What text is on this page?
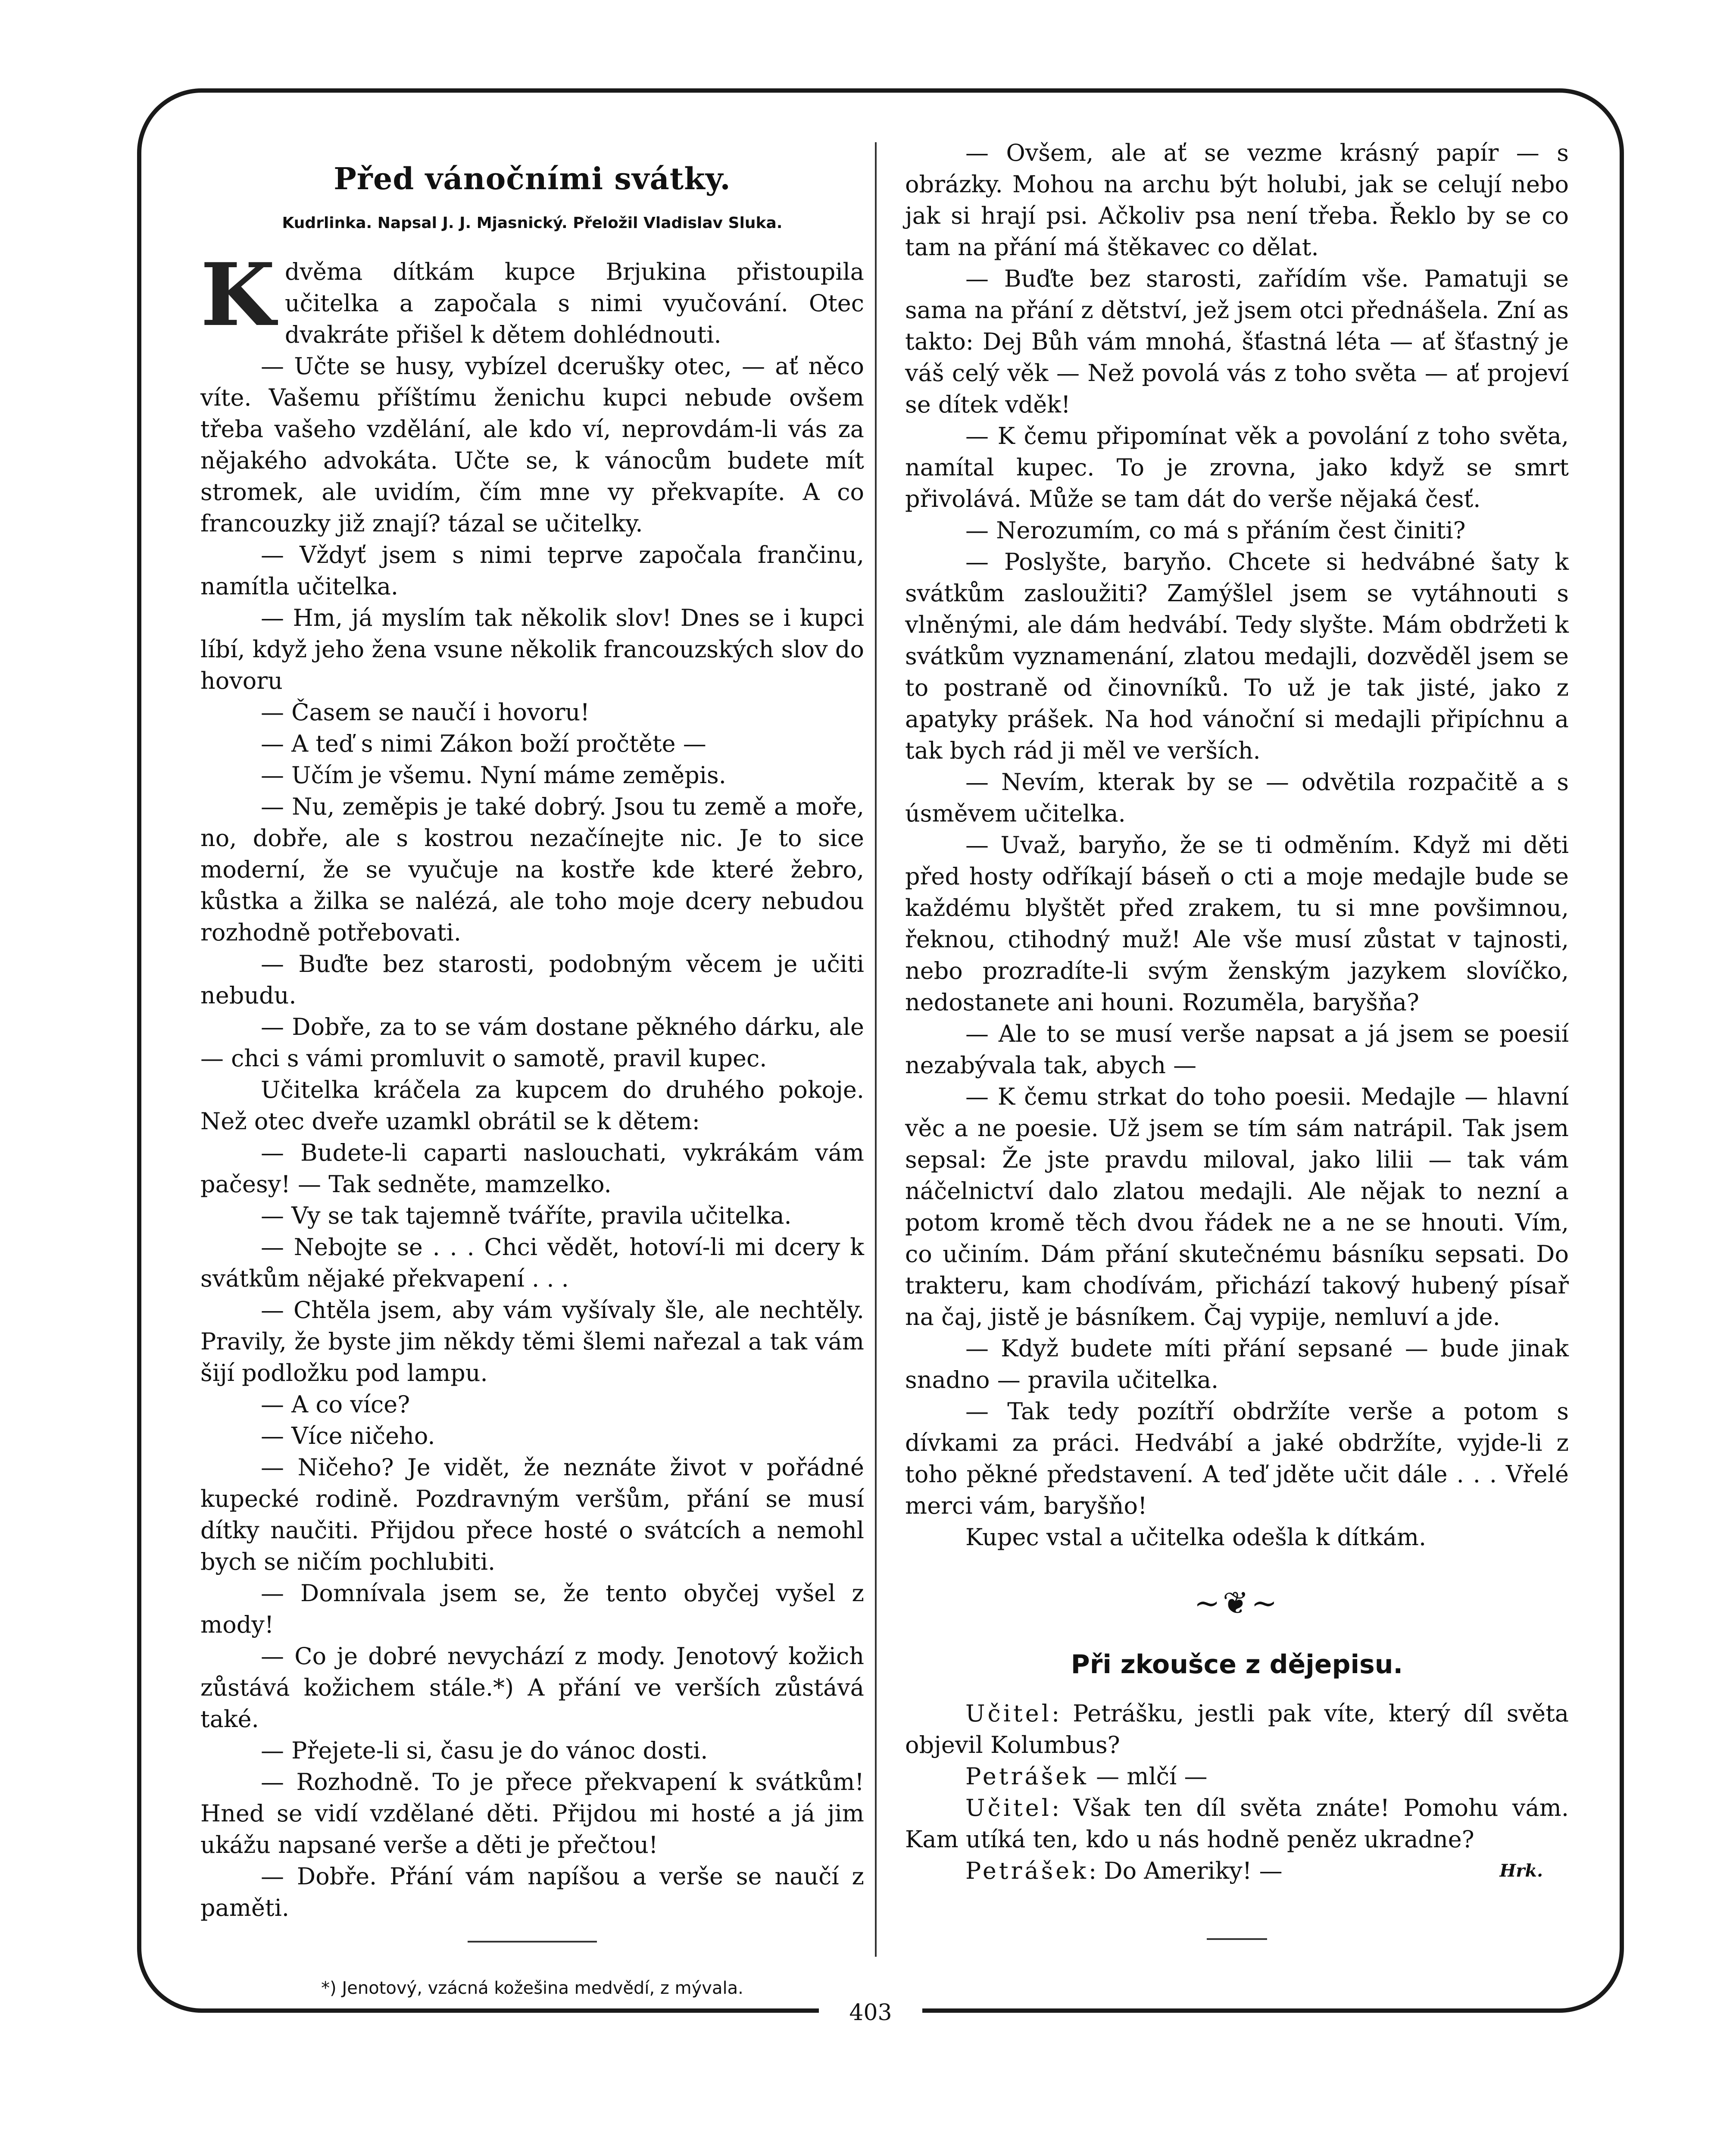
403
Před vánočními svátky.
Kudrlinka. Napsal J. J. Mjasnický. Přeložil Vladislav Sluka.

Kdvěma dítkám kupce Brjukina přistoupila učitelka a započala s nimi vyučování. Otec dvakráte přišel k dětem dohlédnouti.

— Učte se husy, vybízel dcerušky otec, — ať něco víte. Vašemu příštímu ženichu kupci nebude ovšem třeba vašeho vzdělání, ale kdo ví, neprovdám-li vás za nějakého advokáta. Učte se, k vánocům budete mít stromek, ale uvidím, čím mne vy překvapíte. A co francouzky již znají? tázal se učitelky.

— Vždyť jsem s nimi teprve započala frančinu, namítla učitelka.

— Hm, já myslím tak několik slov! Dnes se i kupci líbí, když jeho žena vsune několik francouzských slov do hovoru

— Časem se naučí i hovoru!

— A teď s nimi Zákon boží pročtěte —

— Učím je všemu. Nyní máme zeměpis.

— Nu, zeměpis je také dobrý. Jsou tu země a moře, no, dobře, ale s kostrou nezačínejte nic. Je to sice moderní, že se vyučuje na kostře kde které žebro, kůstka a žilka se nalézá, ale toho moje dcery nebudou rozhodně potřebovati.

— Buďte bez starosti, podobným věcem je učiti nebudu.

— Dobře, za to se vám dostane pěkného dárku, ale — chci s vámi promluvit o samotě, pravil kupec.

Učitelka kráčela za kupcem do druhého pokoje. Než otec dveře uzamkl obrátil se k dětem:

— Budete-li caparti naslouchati, vykrákám vám pačesy! — Tak sedněte, mamzelko.

— Vy se tak tajemně tváříte, pravila učitelka.

— Nebojte se . . . Chci vědět, hotoví-li mi dcery k svátkům nějaké překvapení . . .

— Chtěla jsem, aby vám vyšívaly šle, ale nechtěly. Pravily, že byste jim někdy těmi šlemi nařezal a tak vám šijí podložku pod lampu.

— A co více?

— Více ničeho.

— Ničeho? Je vidět, že neznáte život v pořádné kupecké rodině. Pozdravným veršům, přání se musí dítky naučiti. Přijdou přece hosté o svátcích a nemohl bych se ničím pochlubiti.

— Domnívala jsem se, že tento obyčej vyšel z mody!

— Co je dobré nevychází z mody. Jenotový kožich zůstává kožichem stále.*) A přání ve verších zůstává také.

— Přejete-li si, času je do vánoc dosti.

— Rozhodně. To je přece překvapení k svátkům! Hned se vidí vzdělané děti. Přijdou mi hosté a já jim ukážu napsané verše a děti je přečtou!

— Dobře. Přání vám napíšou a verše se naučí z paměti.

*) Jenotový, vzácná kožešina medvědí, z mývala.

— Ovšem, ale ať se vezme krásný papír — s obrázky. Mohou na archu být holubi, jak se celují nebo jak si hrají psi. Ačkoliv psa není třeba. Řeklo by se co tam na přání má štěkavec co dělat.

— Buďte bez starosti, zařídím vše. Pamatuji se sama na přání z dětství, jež jsem otci přednášela. Zní as takto: Dej Bůh vám mnohá, šťastná léta — ať šťastný je váš celý věk — Než povolá vás z toho světa — ať projeví se dítek vděk!

— K čemu připomínat věk a povolání z toho světa, namítal kupec. To je zrovna, jako když se smrt přivolává. Může se tam dát do verše nějaká česť.

— Nerozumím, co má s přáním čest činiti?

— Poslyšte, baryňo. Chcete si hedvábné šaty k svátkům zasloužiti? Zamýšlel jsem se vytáhnouti s vlněnými, ale dám hedvábí. Tedy slyšte. Mám obdržeti k svátkům vyznamenání, zlatou medajli, dozvěděl jsem se to postraně od činovníků. To už je tak jisté, jako z apatyky prášek. Na hod vánoční si medajli připíchnu a tak bych rád ji měl ve verších.

— Nevím, kterak by se — odvětila rozpačitě a s úsměvem učitelka.

— Uvaž, baryňo, že se ti odměním. Když mi děti před hosty odříkají báseň o cti a moje medajle bude se každému blyštět před zrakem, tu si mne povšimnou, řeknou, ctihodný muž! Ale vše musí zůstat v tajnosti, nebo prozradíte-li svým ženským jazykem slovíčko, nedostanete ani houni. Rozuměla, baryšňa?

— Ale to se musí verše napsat a já jsem se poesií nezabývala tak, abych —

— K čemu strkat do toho poesii. Medajle — hlavní věc a ne poesie. Už jsem se tím sám natrápil. Tak jsem sepsal: Že jste pravdu miloval, jako lilii — tak vám náčelnictví dalo zlatou medajli. Ale nějak to nezní a potom kromě těch dvou řádek ne a ne se hnouti. Vím, co učiním. Dám přání skutečnému básníku sepsati. Do trakteru, kam chodívám, přichází takový hubený písař na čaj, jistě je básníkem. Čaj vypije, nemluví a jde.

— Když budete míti přání sepsané — bude jinak snadno — pravila učitelka.

— Tak tedy pozítří obdržíte verše a potom s dívkami za práci. Hedvábí a jaké obdržíte, vyjde-li z toho pěkné představení. A teď jděte učit dále . . . Vřelé merci vám, baryšňo!

Kupec vstal a učitelka odešla k dítkám.

~❦~
Při zkoušce z dějepisu.

Učitel: Petrášku, jestli pak víte, který díl světa objevil Kolumbus?

Petrášek — mlčí —

Učitel: Však ten díl světa znáte! Pomohu vám. Kam utíká ten, kdo u nás hodně peněz ukradne?

Petrášek: Do Ameriky! —	Hrk.
